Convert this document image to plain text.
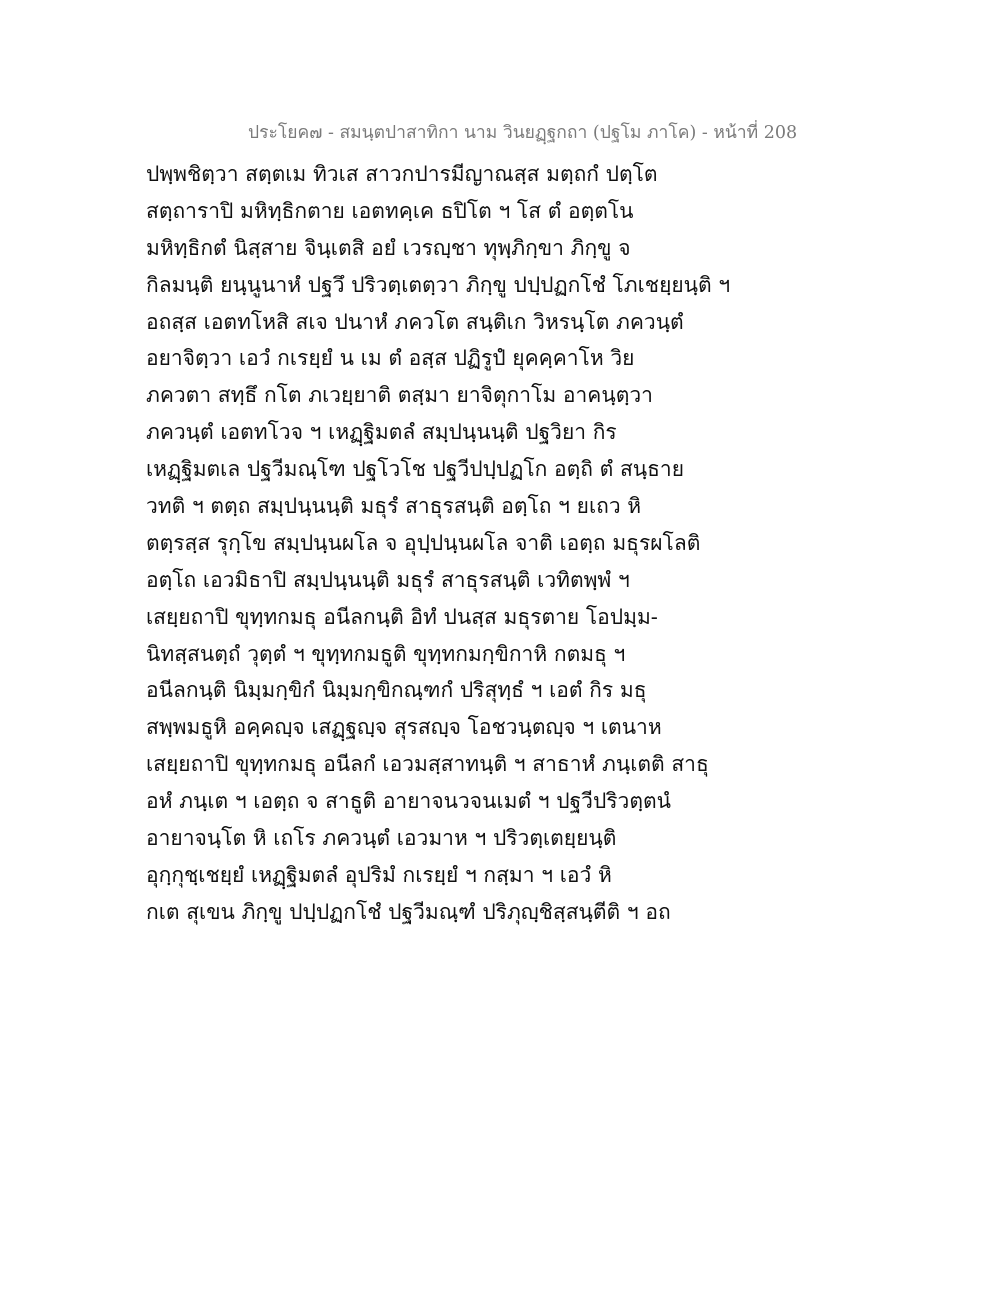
ประโยค๗ - สมนฺตปาสาทิกา นาม วินยฏฺฐกถา (ปฐโม ภาโค) - หน้าที่ 208
ปพฺพชิตฺวา สตฺตเม ทิวเส สาวกปารมีญาณสฺส มตฺถกํ ปตฺโต
สตฺถาราปิ มหิทฺธิกตาย เอตทคฺเค ธปิโต ฯ โส ตํ อตฺตโน
มหิทฺธิกตํ นิสฺสาย จินฺเตสิ อยํ เวรญฺชา ทุพฺภิกฺขา ภิกฺขู จ
กิลมนฺติ ยนฺนูนาหํ ปฐวึ ปริวตฺเตตฺวา ภิกฺขู ปปฺปฏกโชํ โภเชยฺยนฺติ ฯ
อถสฺส เอตทโหสิ สเจ ปนาหํ ภควโต สนฺติเก วิหรนฺโต ภควนฺตํ
อยาจิตฺวา เอวํ กเรยฺยํ น เม ตํ อสฺส ปฏิรูปํ ยุคคฺคาโห วิย
ภควตา สทฺธึ กโต ภเวยฺยาติ ตสฺมา ยาจิตุกาโม อาคนฺตฺวา
ภควนฺตํ เอตทโวจ ฯ เหฏฺฐิมตลํ สมฺปนฺนนฺติ ปฐวิยา กิร
เหฏฺฐิมตเล ปฐวีมณฺโฑ ปฐโวโช ปฐวีปปฺปฏโก อตฺถิ ตํ สนฺธาย
วทติ ฯ ตตฺถ สมฺปนฺนนฺติ มธุรํ สาธุรสนฺติ อตฺโถ ฯ ยเถว หิ
ตตฺรสฺส รุกฺโข สมฺปนฺนผโล จ อุปฺปนฺนผโล จาติ เอตฺถ มธุรผโลติ
อตฺโถ เอวมิธาปิ สมฺปนฺนนฺติ มธุรํ สาธุรสนฺติ เวทิตพฺพํ ฯ
เสยฺยถาปิ ขุทฺทกมธุ อนีลกนฺติ อิทํ ปนสฺส มธุรตาย โอปมฺม-
นิทสฺสนตฺถํ วุตฺตํ ฯ ขุทฺทกมธูติ ขุทฺทกมกฺขิกาหิ กตมธุ ฯ
อนีลกนฺติ นิมฺมกฺขิกํ นิมฺมกฺขิกณฺฑกํ ปริสุทฺธํ ฯ เอตํ กิร มธุ
สพฺพมธูหิ อคฺคญฺจ เสฏฺฐญฺจ สุรสญฺจ โอชวนฺตญฺจ ฯ เตนาห
เสยฺยถาปิ ขุทฺทกมธุ อนีลกํ เอวมสฺสาทนฺติ ฯ สาธาหํ ภนฺเตติ สาธุ
อหํ ภนฺเต ฯ เอตฺถ จ สาธูติ อายาจนวจนเมตํ ฯ ปฐวีปริวตฺตนํ
อายาจนฺโต หิ เถโร ภควนฺตํ เอวมาห ฯ ปริวตฺเตยฺยนฺติ
อุกฺกุชฺเชยฺยํ เหฏฺฐิมตลํ อุปริมํ กเรยฺยํ ฯ กสฺมา ฯ เอวํ หิ
กเต สุเขน ภิกฺขู ปปฺปฏกโชํ ปฐวีมณฺฑํ ปริภุญฺชิสฺสนฺตีติ ฯ อถ
